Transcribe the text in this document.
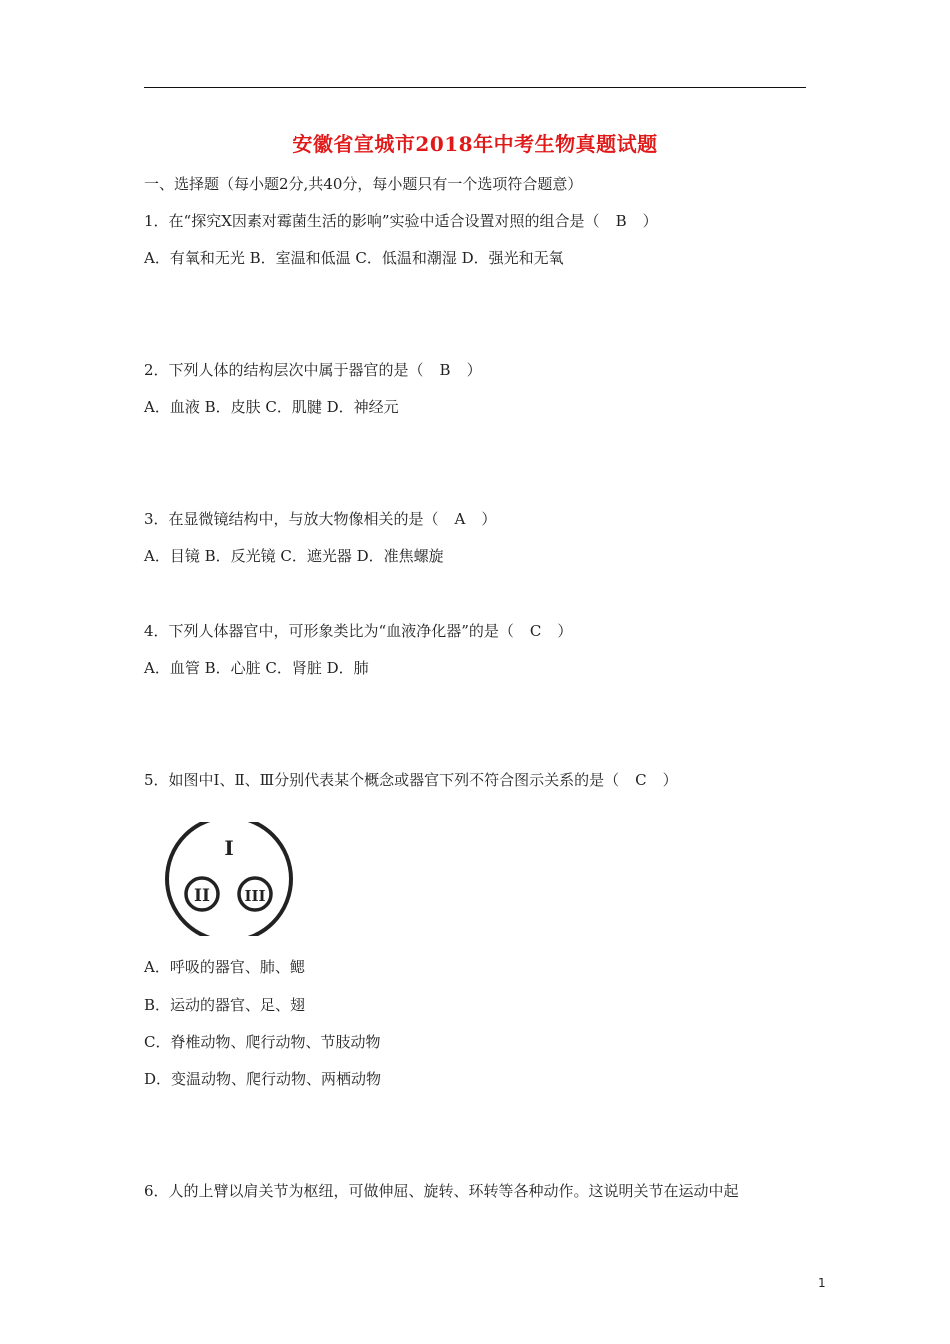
安徽省宣城市2018年中考生物真题试题
一、选择题（每小题2分,共40分，每小题只有一个选项符合题意）
1．在“探究X因素对霉菌生活的影响”实验中适合设置对照的组合是（ B ）
A．有氧和无光 B．室温和低温 C．低温和潮湿 D．强光和无氧
2．下列人体的结构层次中属于器官的是（ B ）
A．血液 B．皮肤 C．肌腱 D．神经元
3．在显微镜结构中，与放大物像相关的是（ A ）
A．目镜 B．反光镜 C．遮光器 D．准焦螺旋
4．下列人体器官中，可形象类比为“血液净化器”的是（ C ）
A．血管 B．心脏 C．肾脏 D．肺
5．如图中Ⅰ、Ⅱ、Ⅲ分别代表某个概念或器官下列不符合图示关系的是（ C ）
I
II III
A．呼吸的器官、肺、鳃
B．运动的器官、足、翅
C．脊椎动物、爬行动物、节肢动物
D．变温动物、爬行动物、两栖动物
6．人的上臂以肩关节为枢纽，可做伸屈、旋转、环转等各种动作。这说明关节在运动中起
1
